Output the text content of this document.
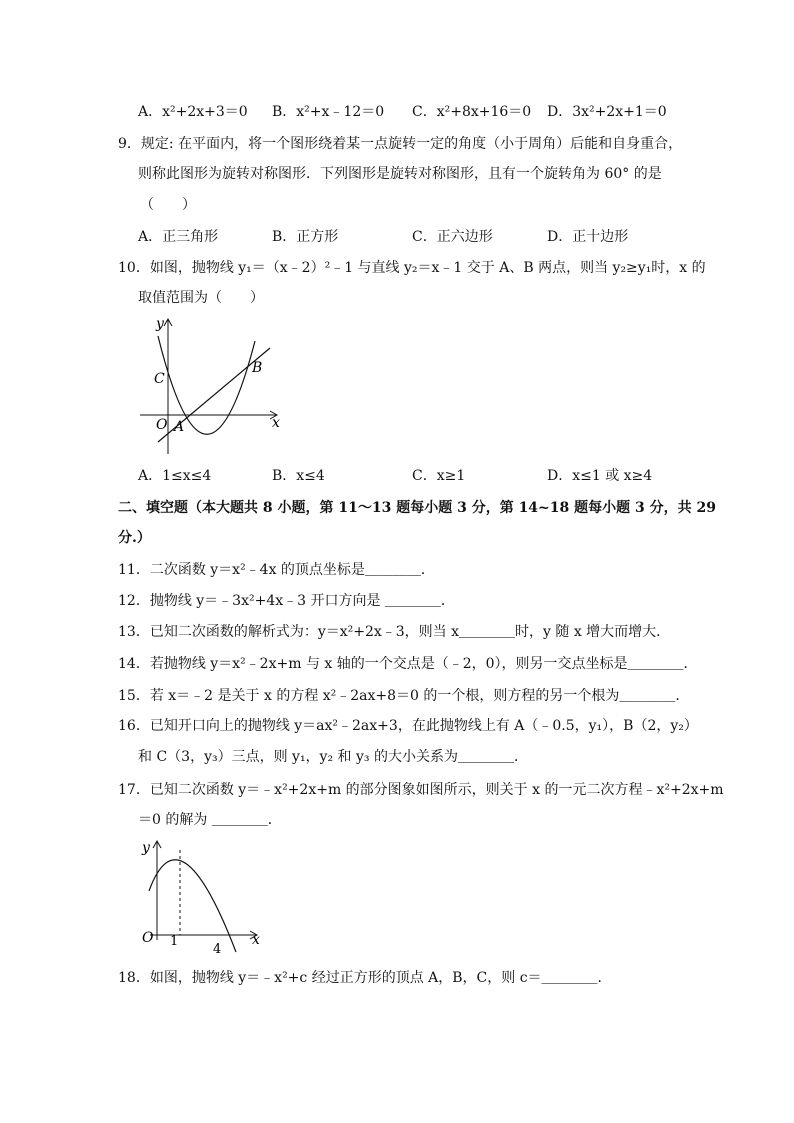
A．x²+2x+3＝0 B．x²+x﹣12＝0 C．x²+8x+16＝0 D．3x²+2x+1＝0
9．规定: 在平面内，将一个图形绕着某一点旋转一定的角度（小于周角）后能和自身重合，
则称此图形为旋转对称图形．下列图形是旋转对称图形，且有一个旋转角为 60° 的是
（　　）
A．正三角形	B．正方形	C．正六边形	D．正十边形
10．如图，抛物线 y₁＝（x﹣2）²﹣1 与直线 y₂＝x﹣1 交于 A、B 两点，则当 y₂≥y₁时，x 的
取值范围为（　　）
y
x
O A
B
C
A．1≤x≤4	B．x≤4	C．x≥1	D．x≤1 或 x≥4
二、填空题（本大题共 8 小题，第 11～13 题每小题 3 分，第 14~18 题每小题 3 分，共 29
分.）
11．二次函数 y＝x²﹣4x 的顶点坐标是＿＿＿＿．
12．抛物线 y＝﹣3x²+4x﹣3 开口方向是 ＿＿＿＿．
13．已知二次函数的解析式为：y＝x²+2x﹣3，则当 x＿＿＿＿时，y 随 x 增大而增大．
14．若抛物线 y＝x²﹣2x+m 与 x 轴的一个交点是（﹣2，0），则另一交点坐标是＿＿＿＿．
15．若 x＝﹣2 是关于 x 的方程 x²﹣2ax+8＝0 的一个根，则方程的另一个根为＿＿＿＿．
16．已知开口向上的抛物线 y＝ax²﹣2ax+3，在此抛物线上有 A（﹣0.5，y₁），B（2，y₂）
和 C（3，y₃）三点，则 y₁，y₂ 和 y₃ 的大小关系为＿＿＿＿．
17．已知二次函数 y＝﹣x²+2x+m 的部分图象如图所示，则关于 x 的一元二次方程﹣x²+2x+m
＝0 的解为 ＿＿＿＿．
y
x
O 1
4
18．如图，抛物线 y＝﹣x²+c 经过正方形的顶点 A，B，C，则 c＝＿＿＿＿．
